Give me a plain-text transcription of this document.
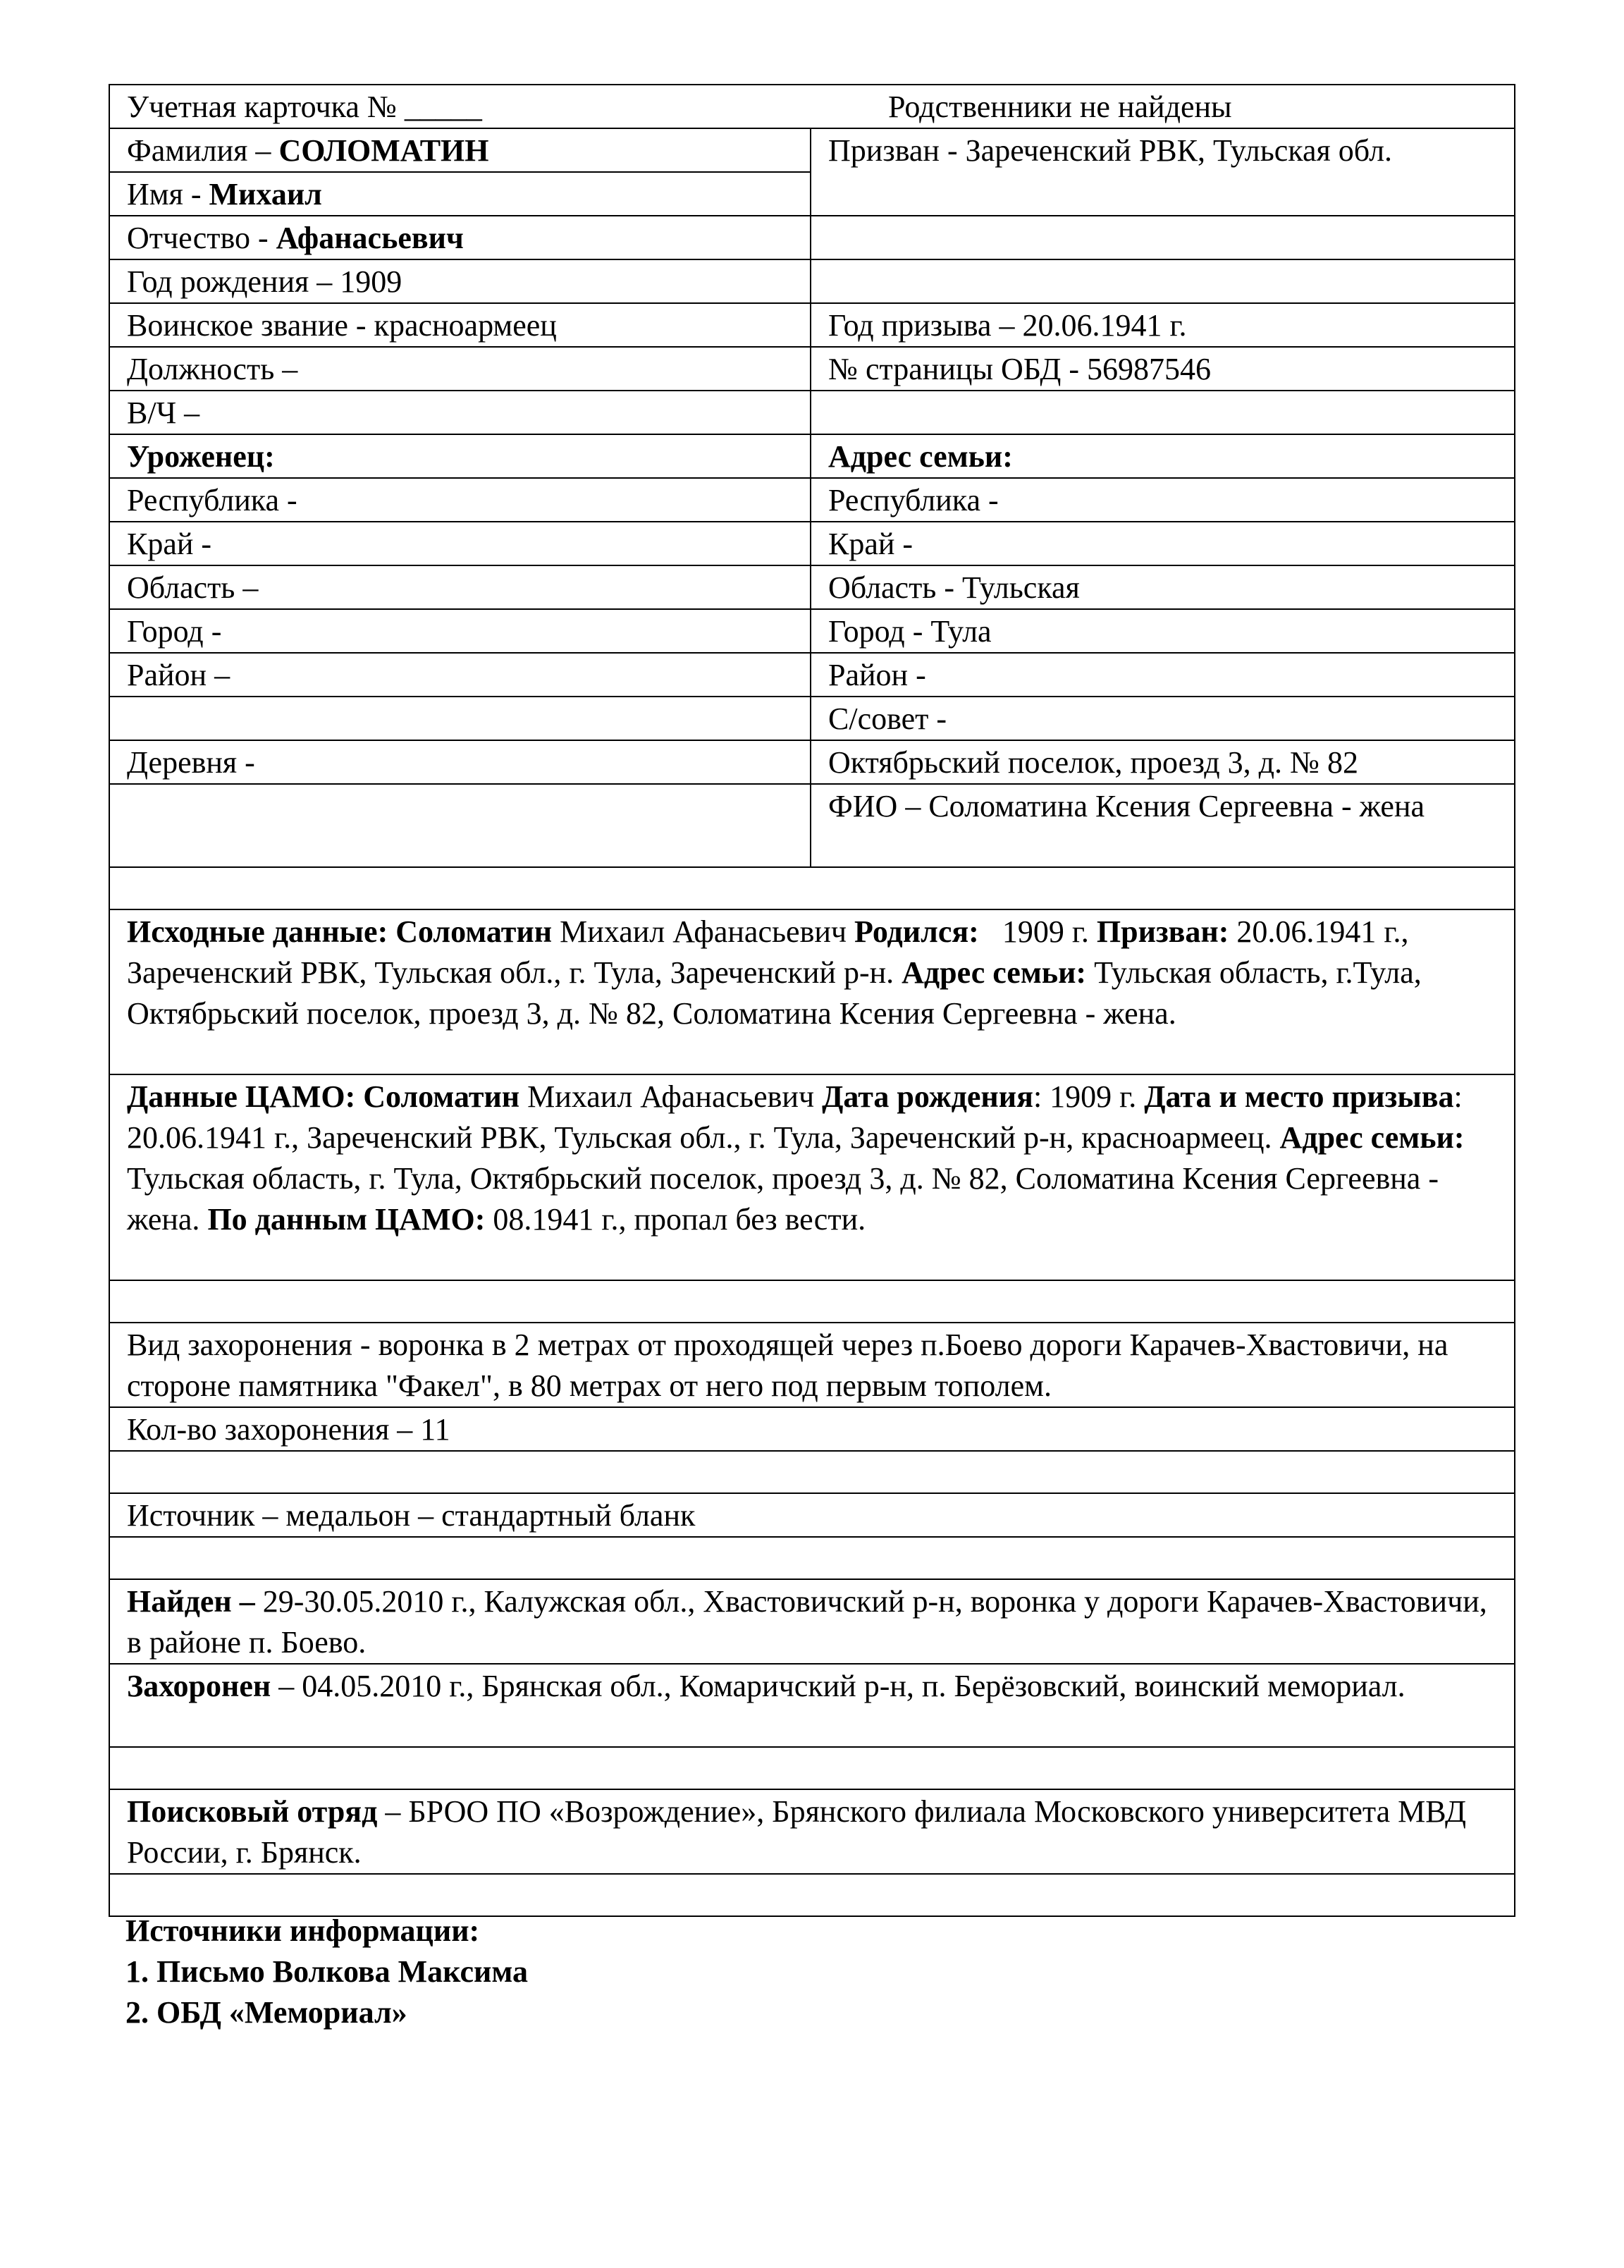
Учетная карточка № _____ Родственники не найдены	
Фамилия – СОЛОМАТИН	Призван - Зареченский РВК, Тульская обл.
Имя - Михаил	
Отчество - Афанасьевич	
Год рождения – 1909	
Воинское звание - красноармеец	Год призыва – 20.06.1941 г.
Должность –	№ страницы ОБД - 56987546
В/Ч –	
Уроженец:	Адрес семьи:
Республика -	Республика -
Край -	Край -
Область –	Область - Тульская
Город -	Город - Тула
Район –	Район -
	С/совет -
Деревня -	Октябрьский поселок, проезд 3, д. № 82
	ФИО – Соломатина Ксения Сергеевна - жена

Исходные данные: Соломатин Михаил Афанасьевич Родился: 1909 г. Призван: 20.06.1941 г., Зареченский РВК, Тульская обл., г. Тула, Зареченский р-н. Адрес семьи: Тульская область, г.Тула, Октябрьский поселок, проезд 3, д. № 82, Соломатина Ксения Сергеевна - жена.	
Данные ЦАМО: Соломатин Михаил Афанасьевич Дата рождения: 1909 г. Дата и место призыва: 20.06.1941 г., Зареченский РВК, Тульская обл., г. Тула, Зареченский р-н, красноармеец. Адрес семьи: Тульская область, г. Тула, Октябрьский поселок, проезд 3, д. № 82, Соломатина Ксения Сергеевна - жена. По данным ЦАМО: 08.1941 г., пропал без вести.	

Вид захоронения - воронка в 2 метрах от проходящей через п.Боево дороги Карачев-Хвастовичи, на стороне памятника "Факел", в 80 метрах от него под первым тополем.	
Кол-во захоронения – 11	

Источник – медальон – стандартный бланк	

Найден – 29-30.05.2010 г., Калужская обл., Хвастовичский р-н, воронка у дороги Карачев-Хвастовичи, в районе п. Боево.	
Захоронен – 04.05.2010 г., Брянская обл., Комаричский р-н, п. Берёзовский, воинский мемориал.	

Поисковый отряд – БРОО ПО «Возрождение», Брянского филиала Московского университета МВД России, г. Брянск.	

Источники информации:
1. Письмо Волкова Максима
2. ОБД «Мемориал»
